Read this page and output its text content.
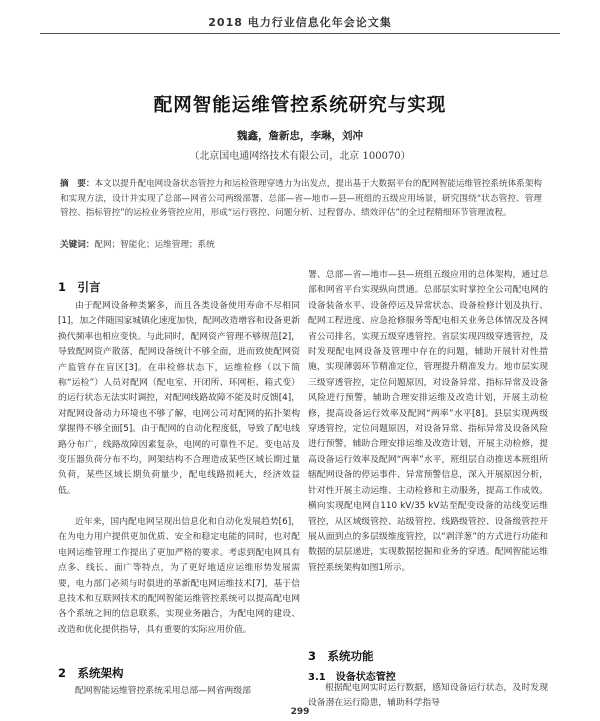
2018 电力行业信息化年会论文集
配网智能运维管控系统研究与实现
魏鑫，詹新忠，李琳，刘冲
（北京国电通网络技术有限公司，北京 100070）
摘　要：本文以提升配电网设备状态管控力和运检管理穿透力为出发点，提出基于大数据平台的配网智能运维管控系统体系架构和实现方法，设计并实现了总部—网省公司两级部署、总部—省—地市—县—班组的五级应用场景，研究围绕“状态管控、管理管控、指标管控”的运检业务管控应用，形成“运行管控、问题分析、过程督办、绩效评估”的全过程精细环节管理流程。
关键词：配网；智能化；运维管理；系统
1　引言
由于配网设备种类繁多，而且各类设备使用寿命不尽相同[1]，加之伴随国家城镇化速度加快，配网改造增容和设备更新换代频率也相应变快。与此同时，配网资产管理不够规范[2]，导致配网资产散落，配网设备统计不够全面，进而致使配网资产监管存在盲区[3]。在串检修状态下，运维检修（以下简称“运检”）人员对配网（配电室、开闭所、环网柜、箱式变）的运行状态无法实时调控，对配网线路故障不能及时反馈[4]，对配网设备动力环境也不够了解，电网公司对配网的拓扑架构掌握得不够全面[5]。由于配网的自动化程度低，导致了配电线路分布广，线路故障因素复杂，电网的可靠性不足。变电站及变压器负荷分布不均，网架结构不合理造成某些区域长期过量负荷，某些区域长期负荷量少，配电线路损耗大，经济效益低。
近年来，国内配电网呈现出信息化和自动化发展趋势[6]，在为电力用户提供更加优质、安全和稳定电能的同时，也对配电网运维管理工作提出了更加严格的要求。考虑到配电网具有点多、线长、面广等特点，为了更好地适应运维形势发展需要，电力部门必须与时俱进的革新配电网运维技术[7]，基于信息技术和互联网技术的配网智能运维管控系统可以提高配电网各个系统之间的信息联系，实现业务融合，为配电网的建设、改造和优化提供指导，具有重要的实际应用价值。
2　系统架构
配网智能运维管控系统采用总部—网省两级部
署、总部—省—地市—县—班组五级应用的总体架构，通过总部和网省平台实现纵向贯通。总部层实时掌控全公司配电网的设备装备水平、设备停运及异常状态、设备检修计划及执行、配网工程进度、应急抢修服务等配电相关业务总体情况及各网省公司排名，实现五级穿透管控。省层实现四级穿透管控，及时发现配电网设备及管理中存在的问题，辅助开展针对性措施，实现薄弱环节精准定位，管理提升精准发力。地市层实现三级穿透管控，定位问题原因，对设备异常、指标异常及设备风险进行预警，辅助合理安排运维及改造计划，开展主动检修，提高设备运行效率及配网“两率”水平[8]。县层实现两级穿透管控，定位问题原因，对设备异常、指标异常及设备风险进行预警，辅助合理安排运维及改造计划，开展主动检修，提高设备运行效率及配网“两率”水平，班组层自动推送本班组所辖配网设备的停运事件、异常预警信息，深入开展原因分析，针对性开展主动运维、主动检修和主动服务，提高工作成效。横向实现配电网自110 kV/35 kV站至配变设备的站线变运维管控，从区域级管控、站级管控、线路级管控、设备级管控开展从面到点的多层级维度管控，以“剥洋葱”的方式进行功能和数据的层层递进，实现数据挖掘和业务的穿透。配网智能运维管控系统架构如图1所示。
3　系统功能
3.1　设备状态管控
根据配电网实时运行数据，感知设备运行状态，及时发现设备潜在运行隐患，辅助科学指导
299
